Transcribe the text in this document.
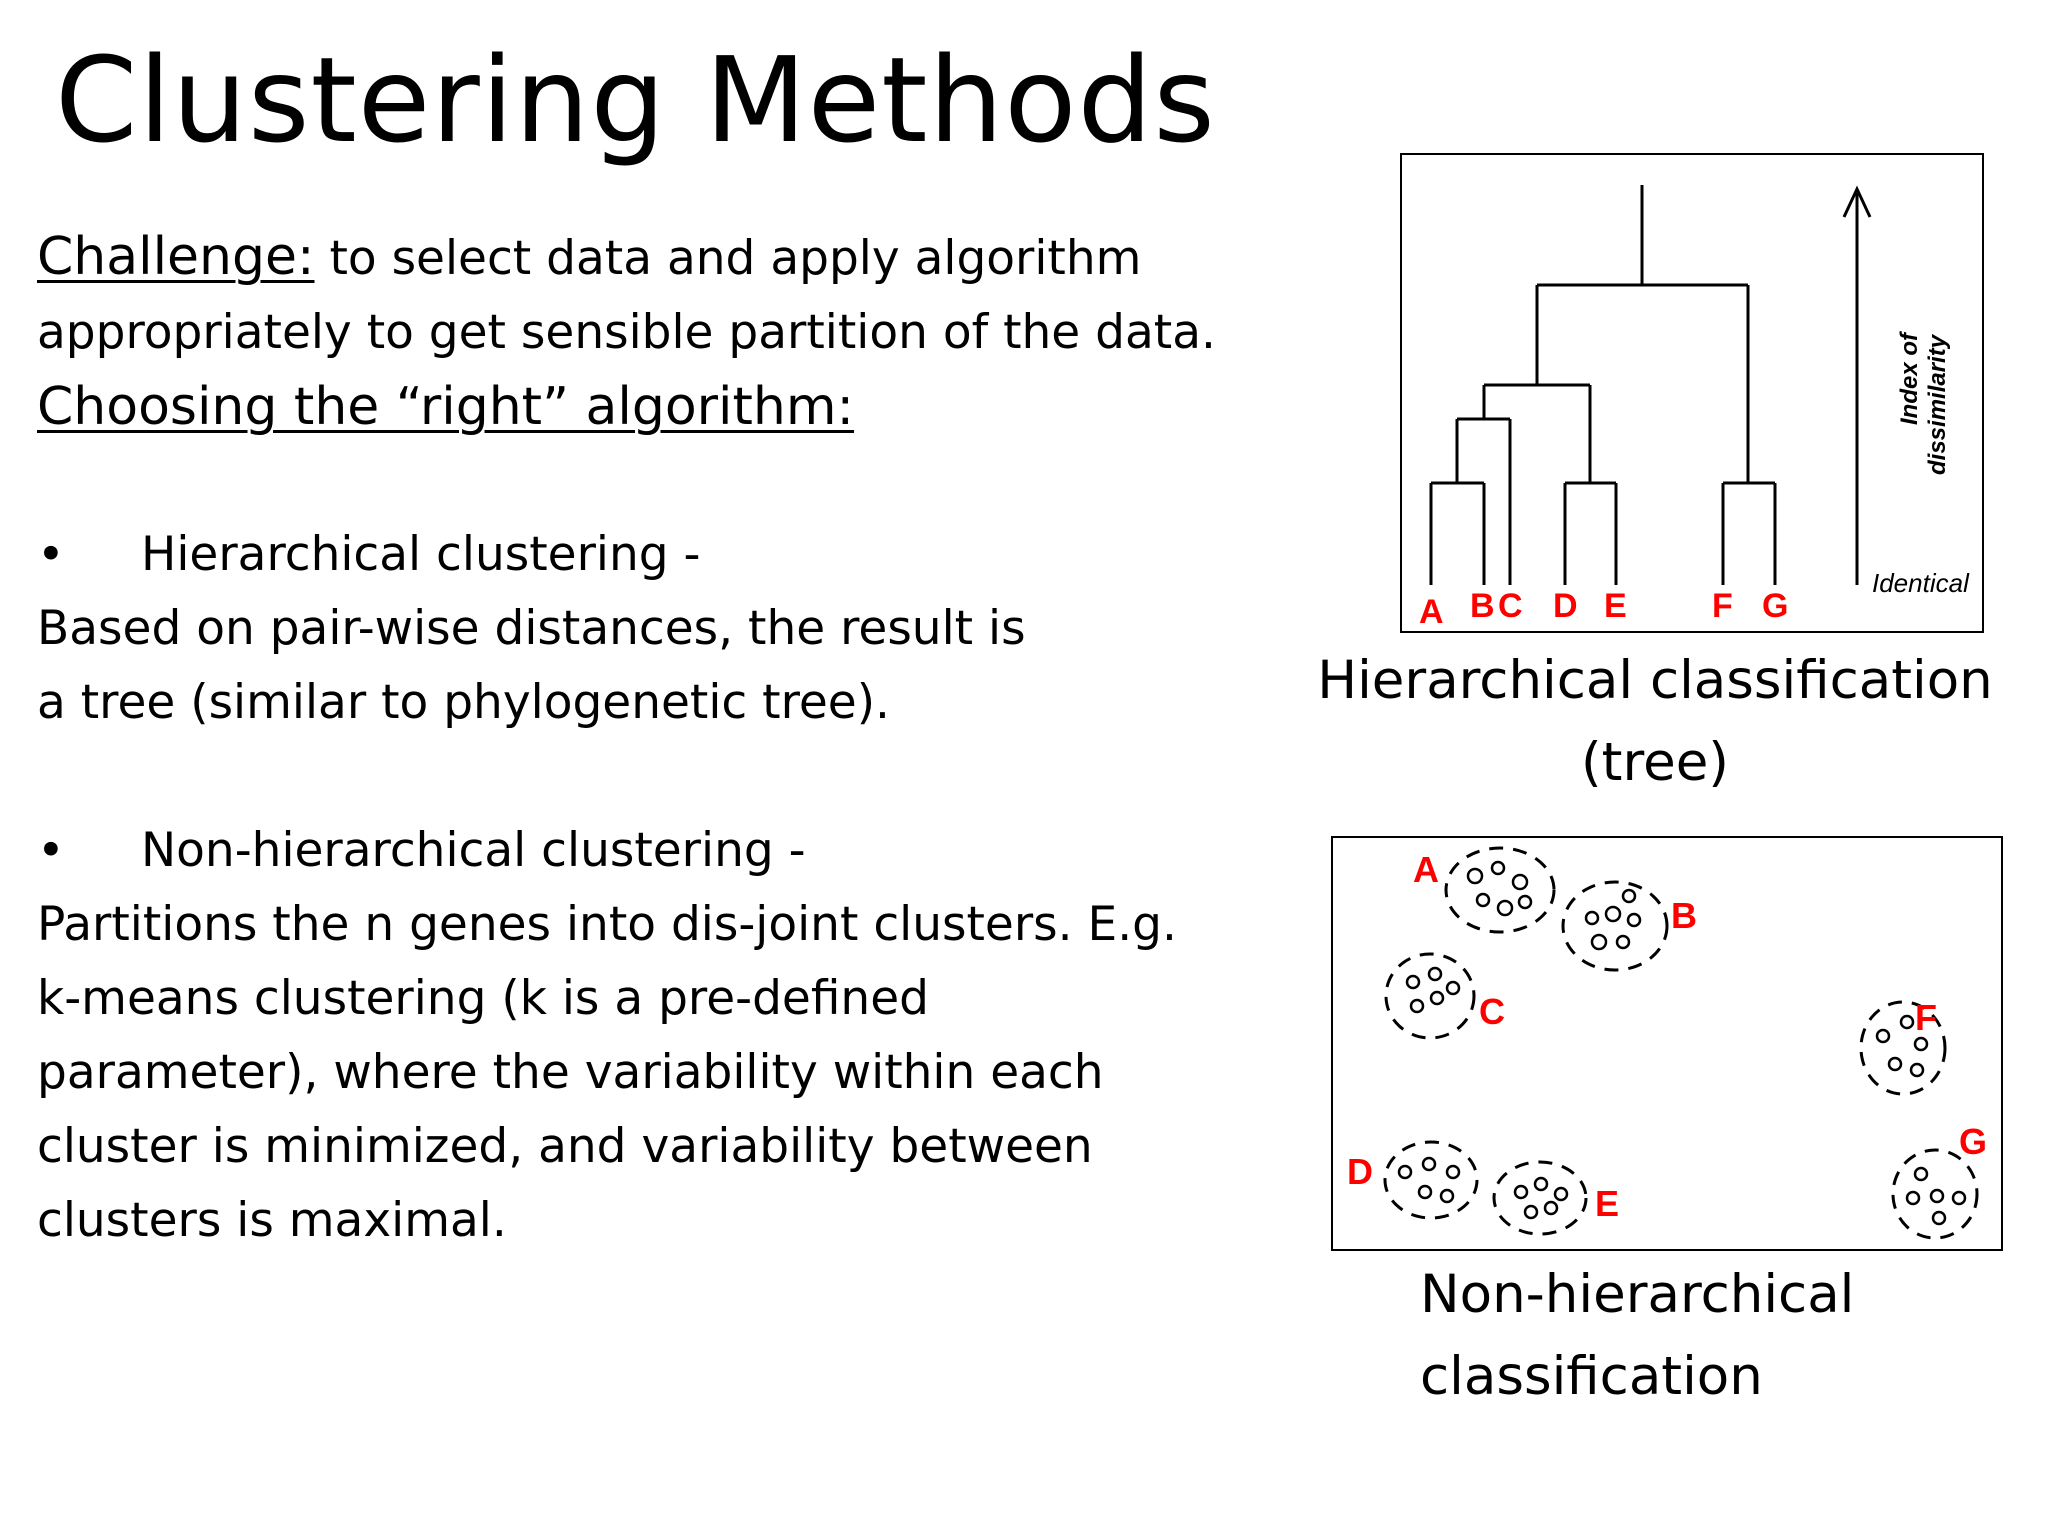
Clustering Methods

Challenge: to select data and apply algorithm appropriately to get sensible partition of the data.

Choosing the “right” algorithm:

•	Hierarchical clustering -

Based on pair-wise distances, the result is a tree (similar to phylogenetic tree).

•	Non-hierarchical clustering -

Partitions the n genes into dis-joint clusters. E.g. k-means clustering (k is a pre-defined parameter), where the variability within each cluster is minimized, and variability between clusters is maximal.

A B C D E	F G
Index of dissimilarity
Identical
Hierarchical classification
(tree)
A
B
C
D
E
F
G
Non-hierarchical
classification
